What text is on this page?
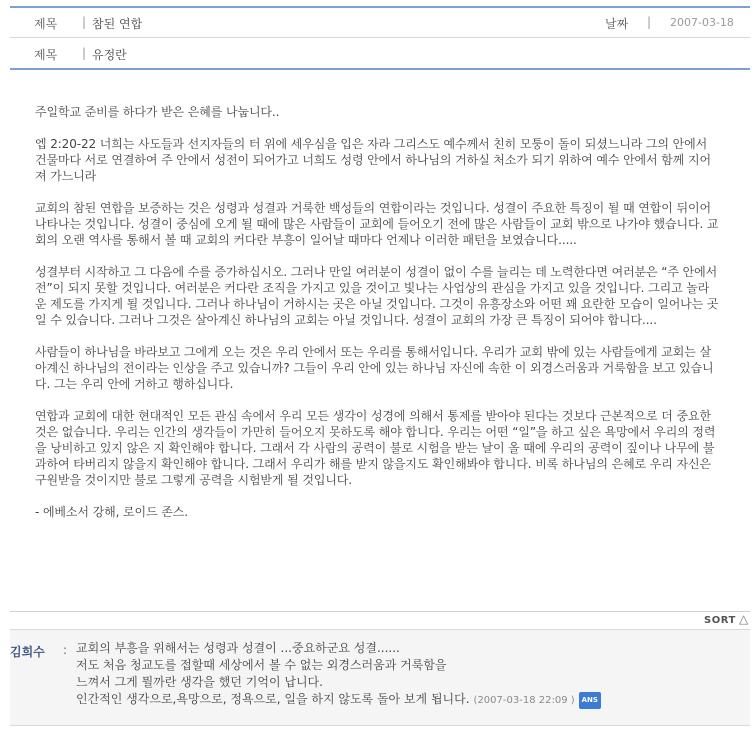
제목 | 참된 연합	날짜 | 2007-03-18
제목 | 유정란

주일학교 준비를 하다가 받은 은혜를 나눕니다..

엡 2:20-22 너희는 사도들과 선지자들의 터 위에 세우심을 입은 자라 그리스도 예수께서 친히 모퉁이 돌이 되셨느니라 그의 안에서 건물마다 서로 연결하여 주 안에서 성전이 되어가고 너희도 성령 안에서 하나님의 거하실 처소가 되기 위하여 예수 안에서 함께 지어져 가느니라

교회의 참된 연합을 보증하는 것은 성령과 성결과 거룩한 백성들의 연합이라는 것입니다. 성결이 주요한 특징이 될 때 연합이 뒤이어 나타나는 것입니다. 성결이 중심에 오게 될 때에 많은 사람들이 교회에 들어오기 전에 많은 사람들이 교회 밖으로 나가야 했습니다. 교회의 오랜 역사를 통해서 볼 때 교회의 커다란 부흥이 일어날 때마다 언제나 이러한 패턴을 보였습니다.....

성결부터 시작하고 그 다음에 수를 증가하십시오. 그러나 만일 여러분이 성결이 없이 수를 늘리는 데 노력한다면 여러분은 “주 안에서 전”이 되지 못할 것입니다. 여러분은 커다란 조직을 가지고 있을 것이고 빛나는 사업상의 관심을 가지고 있을 것입니다. 그리고 놀라운 제도를 가지게 될 것입니다. 그러나 하나님이 거하시는 곳은 아닐 것입니다. 그것이 유흥장소와 어떤 꽤 요란한 모습이 일어나는 곳일 수 있습니다. 그러나 그것은 살아계신 하나님의 교회는 아닐 것입니다. 성결이 교회의 가장 큰 특징이 되어야 합니다....

사람들이 하나님을 바라보고 그에게 오는 것은 우리 안에서 또는 우리를 통해서입니다. 우리가 교회 밖에 있는 사람들에게 교회는 살아계신 하나님의 전이라는 인상을 주고 있습니까? 그들이 우리 안에 있는 하나님 자신에 속한 이 외경스러움과 거룩함을 보고 있습니다. 그는 우리 안에 거하고 행하십니다.

연합과 교회에 대한 현대적인 모든 관심 속에서 우리 모든 생각이 성경에 의해서 통제를 받아야 된다는 것보다 근본적으로 더 중요한 것은 없습니다. 우리는 인간의 생각들이 가만히 들어오지 못하도록 해야 합니다. 우리는 어떤 “일”을 하고 싶은 욕망에서 우리의 정력을 낭비하고 있지 않은 지 확인해야 합니다. 그래서 각 사람의 공력이 불로 시험을 받는 날이 올 때에 우리의 공력이 짚이나 나무에 불과하여 타버리지 않을지 확인해야 합니다. 그래서 우리가 해를 받지 않을지도 확인해봐야 합니다. 비록 하나님의 은혜로 우리 자신은 구원받을 것이지만 불로 그렇게 공력을 시험받게 될 것입니다.

- 에베소서 강해, 로이드 존스.

SORT △
김희수 : 교회의 부흥을 위해서는 성령과 성결이 ...중요하군요 성결......
저도 처음 청교도를 접할때 세상에서 볼 수 없는 외경스러움과 거룩함을
느껴서 그게 뭘까란 생각을 했던 기억이 납니다.
인간적인 생각으로,욕망으로, 정욕으로, 일을 하지 않도록 돌아 보게 됩니다. (2007-03-18 22:09 ) ANS
